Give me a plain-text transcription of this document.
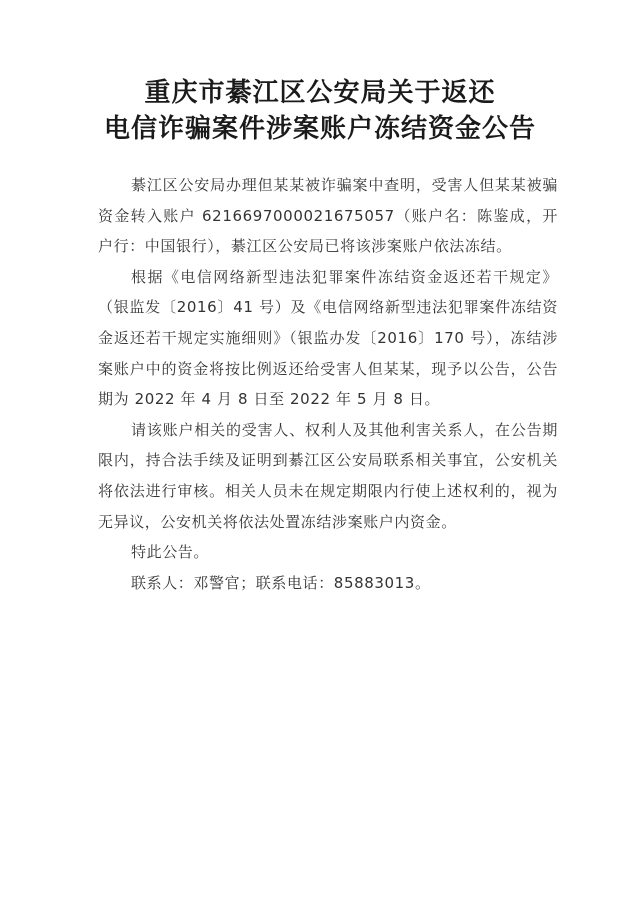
重庆市綦江区公安局关于返还
电信诈骗案件涉案账户冻结资金公告

綦江区公安局办理但某某被诈骗案中查明，受害人但某某被骗资金转入账户 6216697000021675057（账户名：陈鉴成，开户行：中国银行），綦江区公安局已将该涉案账户依法冻结。

根据《电信网络新型违法犯罪案件冻结资金返还若干规定》（银监发〔2016〕41 号）及《电信网络新型违法犯罪案件冻结资金返还若干规定实施细则》（银监办发〔2016〕170 号），冻结涉案账户中的资金将按比例返还给受害人但某某，现予以公告，公告期为 2022 年 4 月 8 日至 2022 年 5 月 8 日。

请该账户相关的受害人、权利人及其他利害关系人，在公告期限内，持合法手续及证明到綦江区公安局联系相关事宜，公安机关将依法进行审核。相关人员未在规定期限内行使上述权利的，视为无异议，公安机关将依法处置冻结涉案账户内资金。

特此公告。

联系人：邓警官；联系电话：85883013。
